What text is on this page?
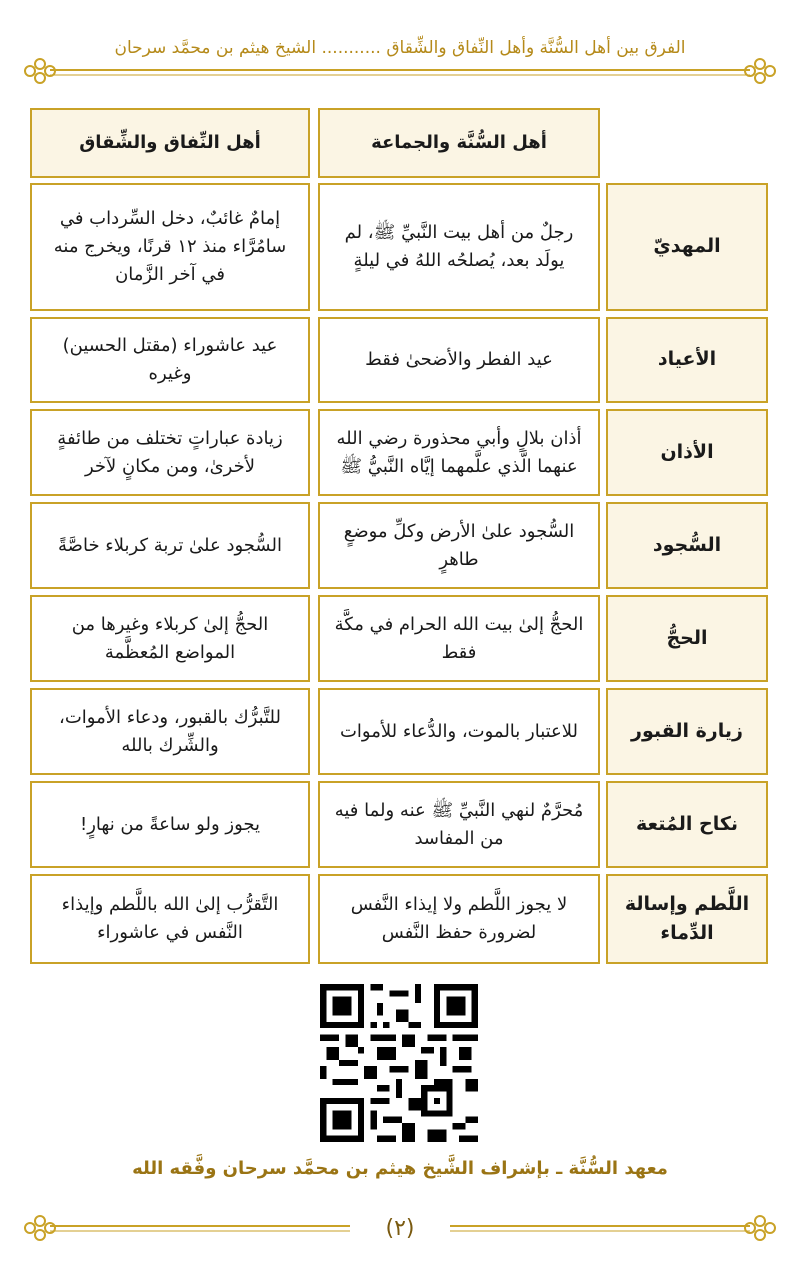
الفرق بين أهل السُّنَّة وأهل النِّفاق والشِّقاق ........... الشيخ هيثم بن محمَّد سرحان
أهل السُّنَّة والجماعة
أهل النِّفاق والشِّقاق
المهديّ
رجلٌ من أهل بيت النَّبيِّ ﷺ، لم يولَد بعد، يُصلحُه اللهُ في ليلةٍ
إمامٌ غائبٌ، دخل السِّرداب في سامُرَّاء منذ ١٢ قرنًا، ويخرج منه في آخر الزَّمان
الأعياد
عيد الفطر والأضحىٰ فقط
عيد عاشوراء (مقتل الحسين) وغيره
الأذان
أذان بلالٍ وأبي محذورة رضي الله عنهما الَّذي علَّمهما إيَّاه النَّبيُّ ﷺ
زيادة عباراتٍ تختلف من طائفةٍ لأخرىٰ، ومن مكانٍ لآخر
السُّجود
السُّجود علىٰ الأرض وكلِّ موضعٍ طاهرٍ
السُّجود علىٰ تربة كربلاء خاصَّةً
الحجُّ
الحجُّ إلىٰ بيت الله الحرام في مكَّة فقط
الحجُّ إلىٰ كربلاء وغيرها من المواضع المُعظَّمة
زيارة القبور
للاعتبار بالموت، والدُّعاء للأموات
للتَّبرُّك بالقبور، ودعاء الأموات، والشِّرك بالله
نكاح المُتعة
مُحرَّمٌ لنهي النَّبيِّ ﷺ عنه ولما فيه من المفاسد
يجوز ولو ساعةً من نهارٍ!
اللَّطم وإسالة الدِّماء
لا يجوز اللَّطم ولا إيذاء النَّفس لضرورة حفظ النَّفس
التَّقرُّب إلىٰ الله باللَّطم وإيذاء النَّفس في عاشوراء
معهد السُّنَّة ـ بإشراف الشَّيخ هيثم بن محمَّد سرحان وفَّقه الله
(٢)
